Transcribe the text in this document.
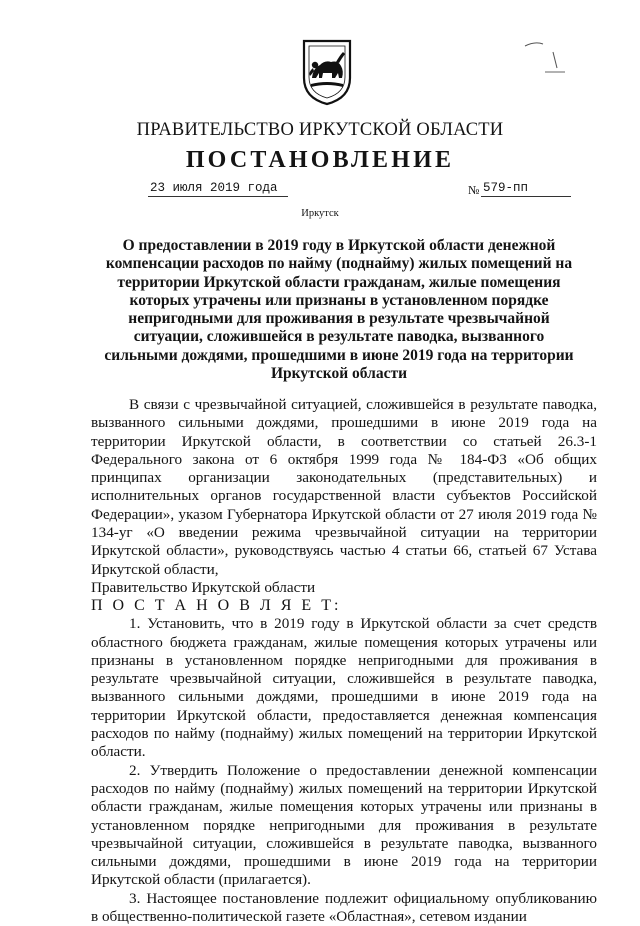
ПРАВИТЕЛЬСТВО ИРКУТСКОЙ ОБЛАСТИ
ПОСТАНОВЛЕНИЕ
23 июля 2019 года	№ 579-пп
Иркутск
О предоставлении в 2019 году в Иркутской области денежной компенсации расходов по найму (поднайму) жилых помещений на территории Иркутской области гражданам, жилые помещения которых утрачены или признаны в установленном порядке непригодными для проживания в результате чрезвычайной ситуации, сложившейся в результате паводка, вызванного сильными дождями, прошедшими в июне 2019 года на территории Иркутской области

В связи с чрезвычайной ситуацией, сложившейся в результате паводка, вызванного сильными дождями, прошедшими в июне 2019 года на территории Иркутской области, в соответствии со статьей 26.3-1 Федерального закона от 6 октября 1999 года № 184-ФЗ «Об общих принципах организации законодательных (представительных) и исполнительных органов государственной власти субъектов Российской Федерации», указом Губернатора Иркутской области от 27 июля 2019 года № 134-уг «О введении режима чрезвычайной ситуации на территории Иркутской области», руководствуясь частью 4 статьи 66, статьей 67 Устава Иркутской области,

Правительство Иркутской области

П О С Т А Н О В Л Я Е Т:

1. Установить, что в 2019 году в Иркутской области за счет средств областного бюджета гражданам, жилые помещения которых утрачены или признаны в установленном порядке непригодными для проживания в результате чрезвычайной ситуации, сложившейся в результате паводка, вызванного сильными дождями, прошедшими в июне 2019 года на территории Иркутской области, предоставляется денежная компенсация расходов по найму (поднайму) жилых помещений на территории Иркутской области.

2. Утвердить Положение о предоставлении денежной компенсации расходов по найму (поднайму) жилых помещений на территории Иркутской области гражданам, жилые помещения которых утрачены или признаны в установленном порядке непригодными для проживания в результате чрезвычайной ситуации, сложившейся в результате паводка, вызванного сильными дождями, прошедшими в июне 2019 года на территории Иркутской области (прилагается).

3. Настоящее постановление подлежит официальному опубликованию в общественно-политической газете «Областная», сетевом издании
